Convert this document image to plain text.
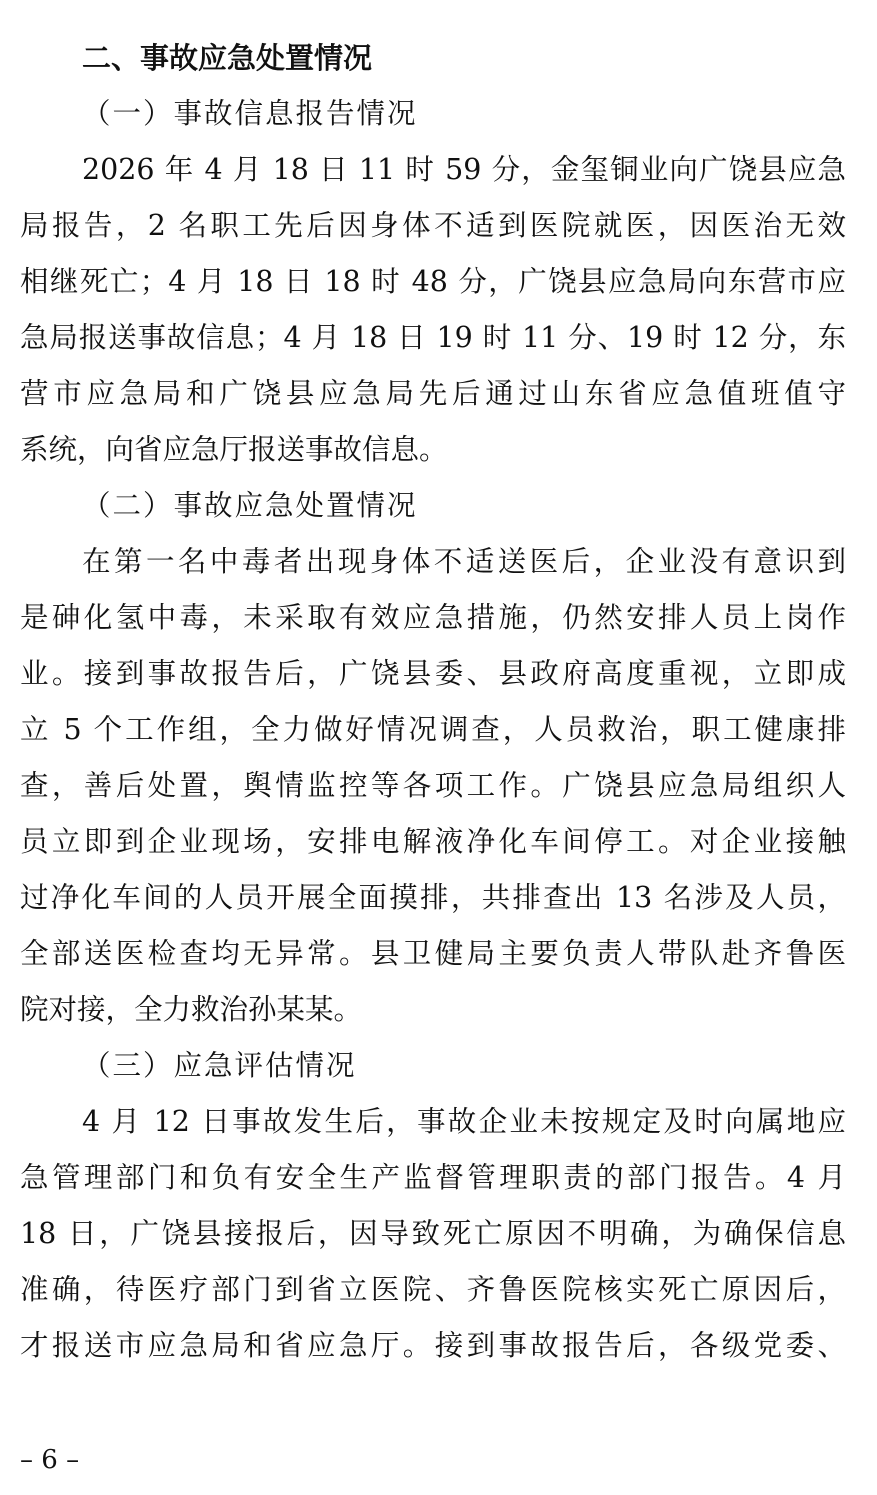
二、事故应急处置情况
（一）事故信息报告情况
2026 年 4 月 18 日 11 时 59 分，金玺铜业向广饶县应急
局报告，2 名职工先后因身体不适到医院就医，因医治无效
相继死亡；4 月 18 日 18 时 48 分，广饶县应急局向东营市应
急局报送事故信息；4 月 18 日 19 时 11 分、19 时 12 分，东
营市应急局和广饶县应急局先后通过山东省应急值班值守
系统，向省应急厅报送事故信息。
（二）事故应急处置情况
在第一名中毒者出现身体不适送医后，企业没有意识到
是砷化氢中毒，未采取有效应急措施，仍然安排人员上岗作
业。接到事故报告后，广饶县委、县政府高度重视，立即成
立 5 个工作组，全力做好情况调查，人员救治，职工健康排
查，善后处置，舆情监控等各项工作。广饶县应急局组织人
员立即到企业现场，安排电解液净化车间停工。对企业接触
过净化车间的人员开展全面摸排，共排查出 13 名涉及人员，
全部送医检查均无异常。县卫健局主要负责人带队赴齐鲁医
院对接，全力救治孙某某。
（三）应急评估情况
4 月 12 日事故发生后，事故企业未按规定及时向属地应
急管理部门和负有安全生产监督管理职责的部门报告。4 月
18 日，广饶县接报后，因导致死亡原因不明确，为确保信息
准确，待医疗部门到省立医院、齐鲁医院核实死亡原因后，
才报送市应急局和省应急厅。接到事故报告后，各级党委、
– 6 –
